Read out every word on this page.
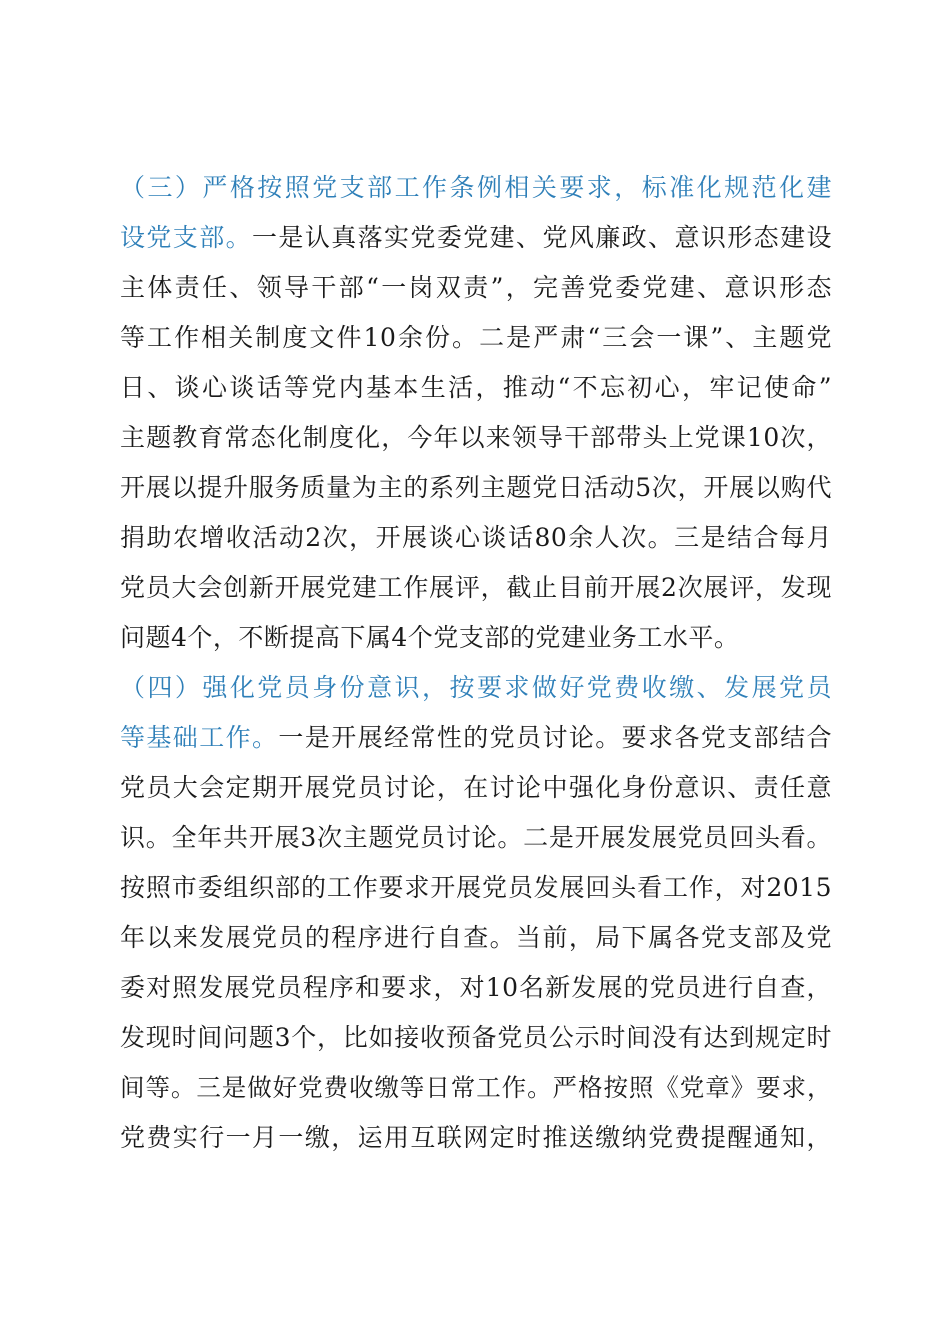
（三）严格按照党支部工作条例相关要求，标准化规范化建
设党支部。一是认真落实党委党建、党风廉政、意识形态建设
主体责任、领导干部“一岗双责”，完善党委党建、意识形态
等工作相关制度文件10余份。二是严肃“三会一课”、主题党
日、谈心谈话等党内基本生活，推动“不忘初心，牢记使命”
主题教育常态化制度化，今年以来领导干部带头上党课10次，
开展以提升服务质量为主的系列主题党日活动5次，开展以购代
捐助农增收活动2次，开展谈心谈话80余人次。三是结合每月
党员大会创新开展党建工作展评，截止目前开展2次展评，发现
问题4个，不断提高下属4个党支部的党建业务工水平。
（四）强化党员身份意识，按要求做好党费收缴、发展党员
等基础工作。一是开展经常性的党员讨论。要求各党支部结合
党员大会定期开展党员讨论，在讨论中强化身份意识、责任意
识。全年共开展3次主题党员讨论。二是开展发展党员回头看。
按照市委组织部的工作要求开展党员发展回头看工作，对2015
年以来发展党员的程序进行自查。当前，局下属各党支部及党
委对照发展党员程序和要求，对10名新发展的党员进行自查，
发现时间问题3个，比如接收预备党员公示时间没有达到规定时
间等。三是做好党费收缴等日常工作。严格按照《党章》要求，
党费实行一月一缴，运用互联网定时推送缴纳党费提醒通知，
